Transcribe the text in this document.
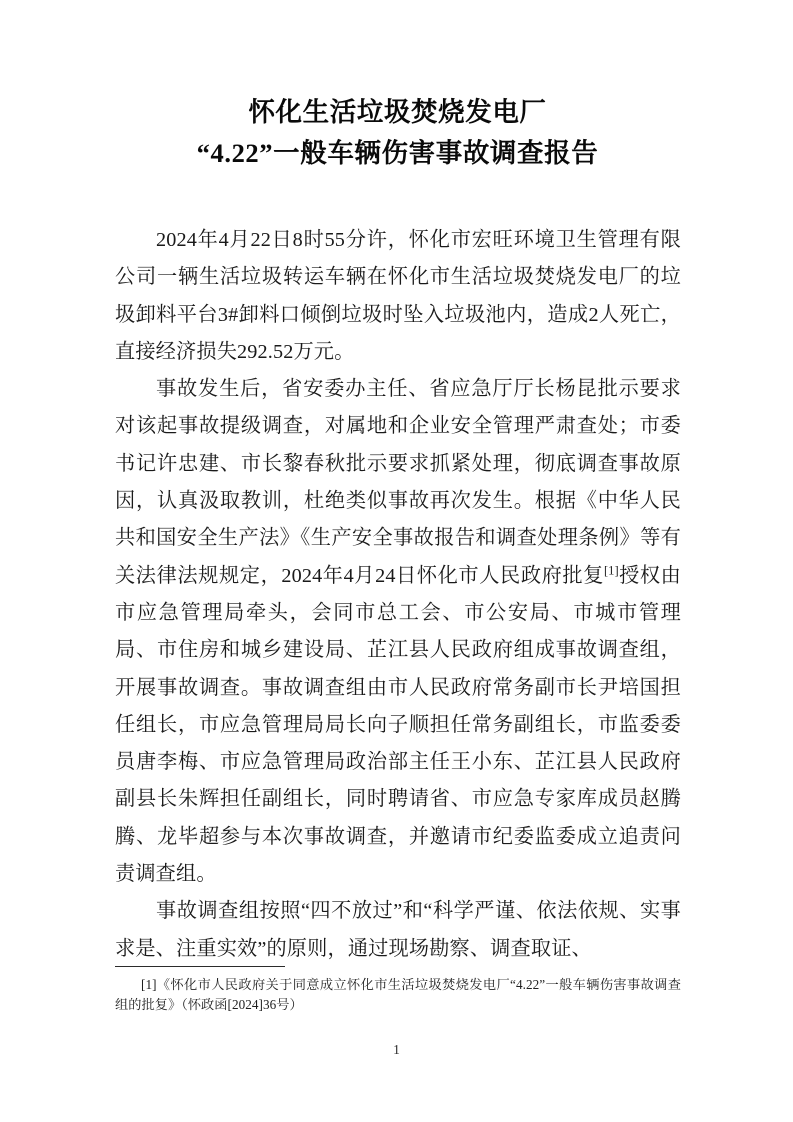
怀化生活垃圾焚烧发电厂
“4.22”一般车辆伤害事故调查报告

2024年4月22日8时55分许，怀化市宏旺环境卫生管理有限公司一辆生活垃圾转运车辆在怀化市生活垃圾焚烧发电厂的垃圾卸料平台3#卸料口倾倒垃圾时坠入垃圾池内，造成2人死亡，直接经济损失292.52万元。

事故发生后，省安委办主任、省应急厅厅长杨昆批示要求对该起事故提级调查，对属地和企业安全管理严肃查处；市委书记许忠建、市长黎春秋批示要求抓紧处理，彻底调查事故原因，认真汲取教训，杜绝类似事故再次发生。根据《中华人民共和国安全生产法》《生产安全事故报告和调查处理条例》等有关法律法规规定，2024年4月24日怀化市人民政府批复[1]授权由市应急管理局牵头，会同市总工会、市公安局、市城市管理局、市住房和城乡建设局、芷江县人民政府组成事故调查组，开展事故调查。事故调查组由市人民政府常务副市长尹培国担任组长，市应急管理局局长向子顺担任常务副组长，市监委委员唐李梅、市应急管理局政治部主任王小东、芷江县人民政府副县长朱辉担任副组长，同时聘请省、市应急专家库成员赵腾腾、龙毕超参与本次事故调查，并邀请市纪委监委成立追责问责调查组。

事故调查组按照“四不放过”和“科学严谨、依法依规、实事求是、注重实效”的原则，通过现场勘察、调查取证、

[1]《怀化市人民政府关于同意成立怀化市生活垃圾焚烧发电厂“4.22”一般车辆伤害事故调查组的批复》（怀政函[2024]36号）

1
